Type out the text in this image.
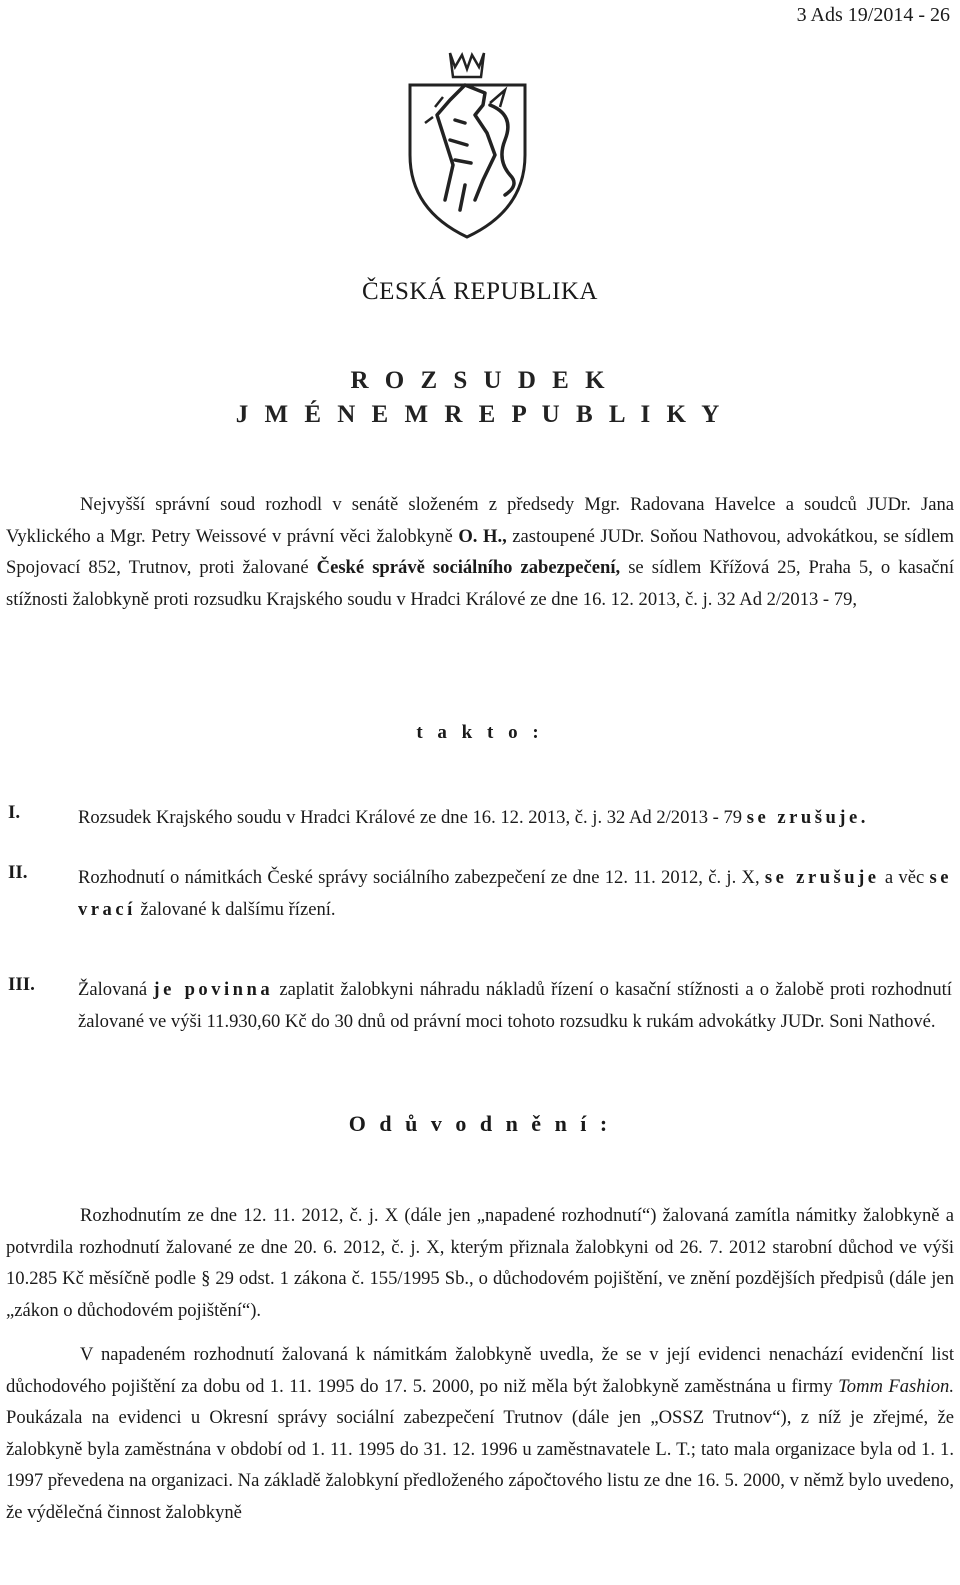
3 Ads 19/2014 - 26
ČESKÁ REPUBLIKA
R O Z S U D E K
J M É N E M R E P U B L I K Y
Nejvyšší správní soud rozhodl v senátě složeném z předsedy Mgr. Radovana Havelce a soudců JUDr. Jana Vyklického a Mgr. Petry Weissové v právní věci žalobkyně O. H., zastoupené JUDr. Soňou Nathovou, advokátkou, se sídlem Spojovací 852, Trutnov, proti žalované České správě sociálního zabezpečení, se sídlem Křížová 25, Praha 5, o kasační stížnosti žalobkyně proti rozsudku Krajského soudu v Hradci Králové ze dne 16. 12. 2013, č. j. 32 Ad 2/2013 - 79,
t a k t o :
I.	Rozsudek Krajského soudu v Hradci Králové ze dne 16. 12. 2013, č. j. 32 Ad 2/2013 - 79 se zrušuje.
II.	Rozhodnutí o námitkách České správy sociálního zabezpečení ze dne 12. 11. 2012, č. j. X, se zrušuje a věc se vrací žalované k dalšímu řízení.
III.	Žalovaná je povinna zaplatit žalobkyni náhradu nákladů řízení o kasační stížnosti a o žalobě proti rozhodnutí žalované ve výši 11.930,60 Kč do 30 dnů od právní moci tohoto rozsudku k rukám advokátky JUDr. Soni Nathové.
O d ů v o d n ě n í :
Rozhodnutím ze dne 12. 11. 2012, č. j. X (dále jen „napadené rozhodnutí“) žalovaná zamítla námitky žalobkyně a potvrdila rozhodnutí žalované ze dne 20. 6. 2012, č. j. X, kterým přiznala žalobkyni od 26. 7. 2012 starobní důchod ve výši 10.285 Kč měsíčně podle § 29 odst. 1 zákona č. 155/1995 Sb., o důchodovém pojištění, ve znění pozdějších předpisů (dále jen „zákon o důchodovém pojištění“).
V napadeném rozhodnutí žalovaná k námitkám žalobkyně uvedla, že se v její evidenci nenachází evidenční list důchodového pojištění za dobu od 1. 11. 1995 do 17. 5. 2000, po niž měla být žalobkyně zaměstnána u firmy Tomm Fashion. Poukázala na evidenci u Okresní správy sociální zabezpečení Trutnov (dále jen „OSSZ Trutnov“), z níž je zřejmé, že žalobkyně byla zaměstnána v období od 1. 11. 1995 do 31. 12. 1996 u zaměstnavatele L. T.; tato mala organizace byla od 1. 1. 1997 převedena na organizaci. Na základě žalobkyní předloženého zápočtového listu ze dne 16. 5. 2000, v němž bylo uvedeno, že výdělečná činnost žalobkyně
